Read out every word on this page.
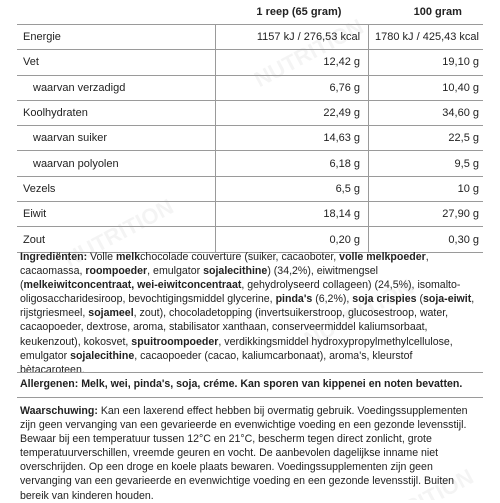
	1 reep (65 gram)	100 gram
Energie	1157 kJ / 276,53 kcal	1780 kJ / 425,43 kcal
Vet	12,42 g	19,10 g
waarvan verzadigd	6,76 g	10,40 g
Koolhydraten	22,49 g	34,60 g
waarvan suiker	14,63 g	22,5 g
waarvan polyolen	6,18 g	9,5 g
Vezels	6,5 g	10 g
Eiwit	18,14 g	27,90 g
Zout	0,20 g	0,30 g
Ingrediënten: Volle melkchocolade couverture (suiker, cacaoboter, volle melkpoeder, cacaomassa, roompoeder, emulgator sojalecithine) (34,2%), eiwitmengsel (melkeiwitconcentraat, wei-eiwitconcentraat, gehydrolyseerd collageen) (24,5%), isomalto-oligosaccharidesiroop, bevochtigingsmiddel glycerine, pinda's (6,2%), soja crispies (soja-eiwit, rijstgriesmeel, sojameel, zout), chocoladetopping (invertsuikerstroop, glucosestroop, water, cacaopoeder, dextrose, aroma, stabilisator xanthaan, conserveermiddel kaliumsorbaat, keukenzout), kokosvet, spuitroompoeder, verdikkingsmiddel hydroxypropylmethylcellulose, emulgator sojalecithine, cacaopoeder (cacao, kaliumcarbonaat), aroma's, kleurstof bètacaroteen.
Allergenen: Melk, wei, pinda's, soja, créme. Kan sporen van kippenei en noten bevatten.
Waarschuwing: Kan een laxerend effect hebben bij overmatig gebruik. Voedingssupplementen zijn geen vervanging van een gevarieerde en evenwichtige voeding en een gezonde levensstijl. Bewaar bij een temperatuur tussen 12°C en 21°C, bescherm tegen direct zonlicht, grote temperatuurverschillen, vreemde geuren en vocht. De aanbevolen dagelijkse inname niet overschrijden. Op een droge en koele plaats bewaren. Voedingssupplementen zijn geen vervanging van een gevarieerde en evenwichtige voeding en een gezonde levensstijl. Buiten bereik van kinderen houden.
